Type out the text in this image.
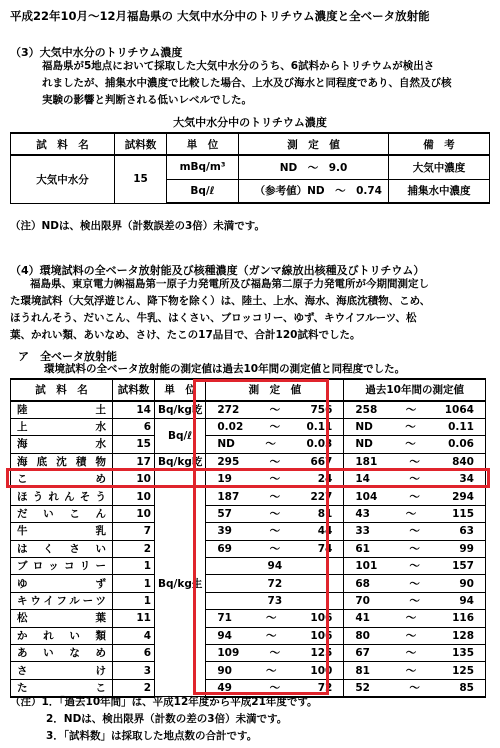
平成22年10月～12月福島県の 大気中水分中のトリチウム濃度と全ベータ放射能
（3）大気中水分のトリチウム濃度
福島県が5地点において採取した大気中水分のうち、6試料からトリチウムが検出さ
れましたが、捕集水中濃度で比較した場合、上水及び海水と同程度であり、自然及び核
実験の影響と判断される低いレベルでした。
大気中水分中のトリチウム濃度
試　料　名	試料数	単　位	測　定　値	備　考
大気中水分	15	mBq/m³	ND　～　9.0	大気中濃度
		Bq/ℓ	（参考値）ND　～　0.74	捕集水中濃度
（注）NDは、検出限界（計数誤差の3倍）未満です。
（4）環境試料の全ベータ放射能及び核種濃度（ガンマ線放出核種及びトリチウム）
福島県、東京電力㈱福島第一原子力発電所及び福島第二原子力発電所が今期間測定し
た環境試料（大気浮遊じん、降下物を除く）は、陸土、上水、海水、海底沈積物、こめ、
ほうれんそう、だいこん、牛乳、はくさい、ブロッコリー、ゆず、キウイフルーツ、松
葉、かれい類、あいなめ、さけ、たこの17品目で、合計120試料でした。
ア　全ベータ放射能
環境試料の全ベータ放射能の測定値は過去10年間の測定値と同程度でした。
試　料　名	試料数	単　位	測　定　値	過去10年間の測定値
陸　土	14	Bq/kg乾	272 ～ 756	258 ～ 1064

上　水	6	Bq/ℓ	0.02 ～ 0.11	ND ～ 0.11

海　水	15		ND ～ 0.03	ND ～ 0.06

海底沈積物	17	Bq/kg乾	295 ～ 667	181 ～ 840

こ　め	10	Bq/kg生	19 ～ 24	14 ～ 34

ほうれんそう	10		187 ～ 227	104 ～ 294

だいこん	10		57 ～ 81	43 ～ 115

牛　乳	7		39 ～ 44	33 ～ 63

はくさい	2		69 ～ 74	61 ～ 99

ブロッコリー	1		94	101 ～ 157

ゆ　ず	1		72	68 ～ 90

キウイフルーツ	1		73	70 ～ 94

松　葉	11		71 ～ 106	41 ～ 116

かれい類	4		94 ～ 106	80 ～ 128

あいなめ	6		109 ～ 125	67 ～ 135

さ　け	3		90 ～ 100	81 ～ 125

た　こ	2		49 ～ 72	52 ～ 85
（注）1．「過去10年間」は、平成12年度から平成21年度です。
2．NDは、検出限界（計数の差の3倍）未満です。
3．「試料数」は採取した地点数の合計です。
